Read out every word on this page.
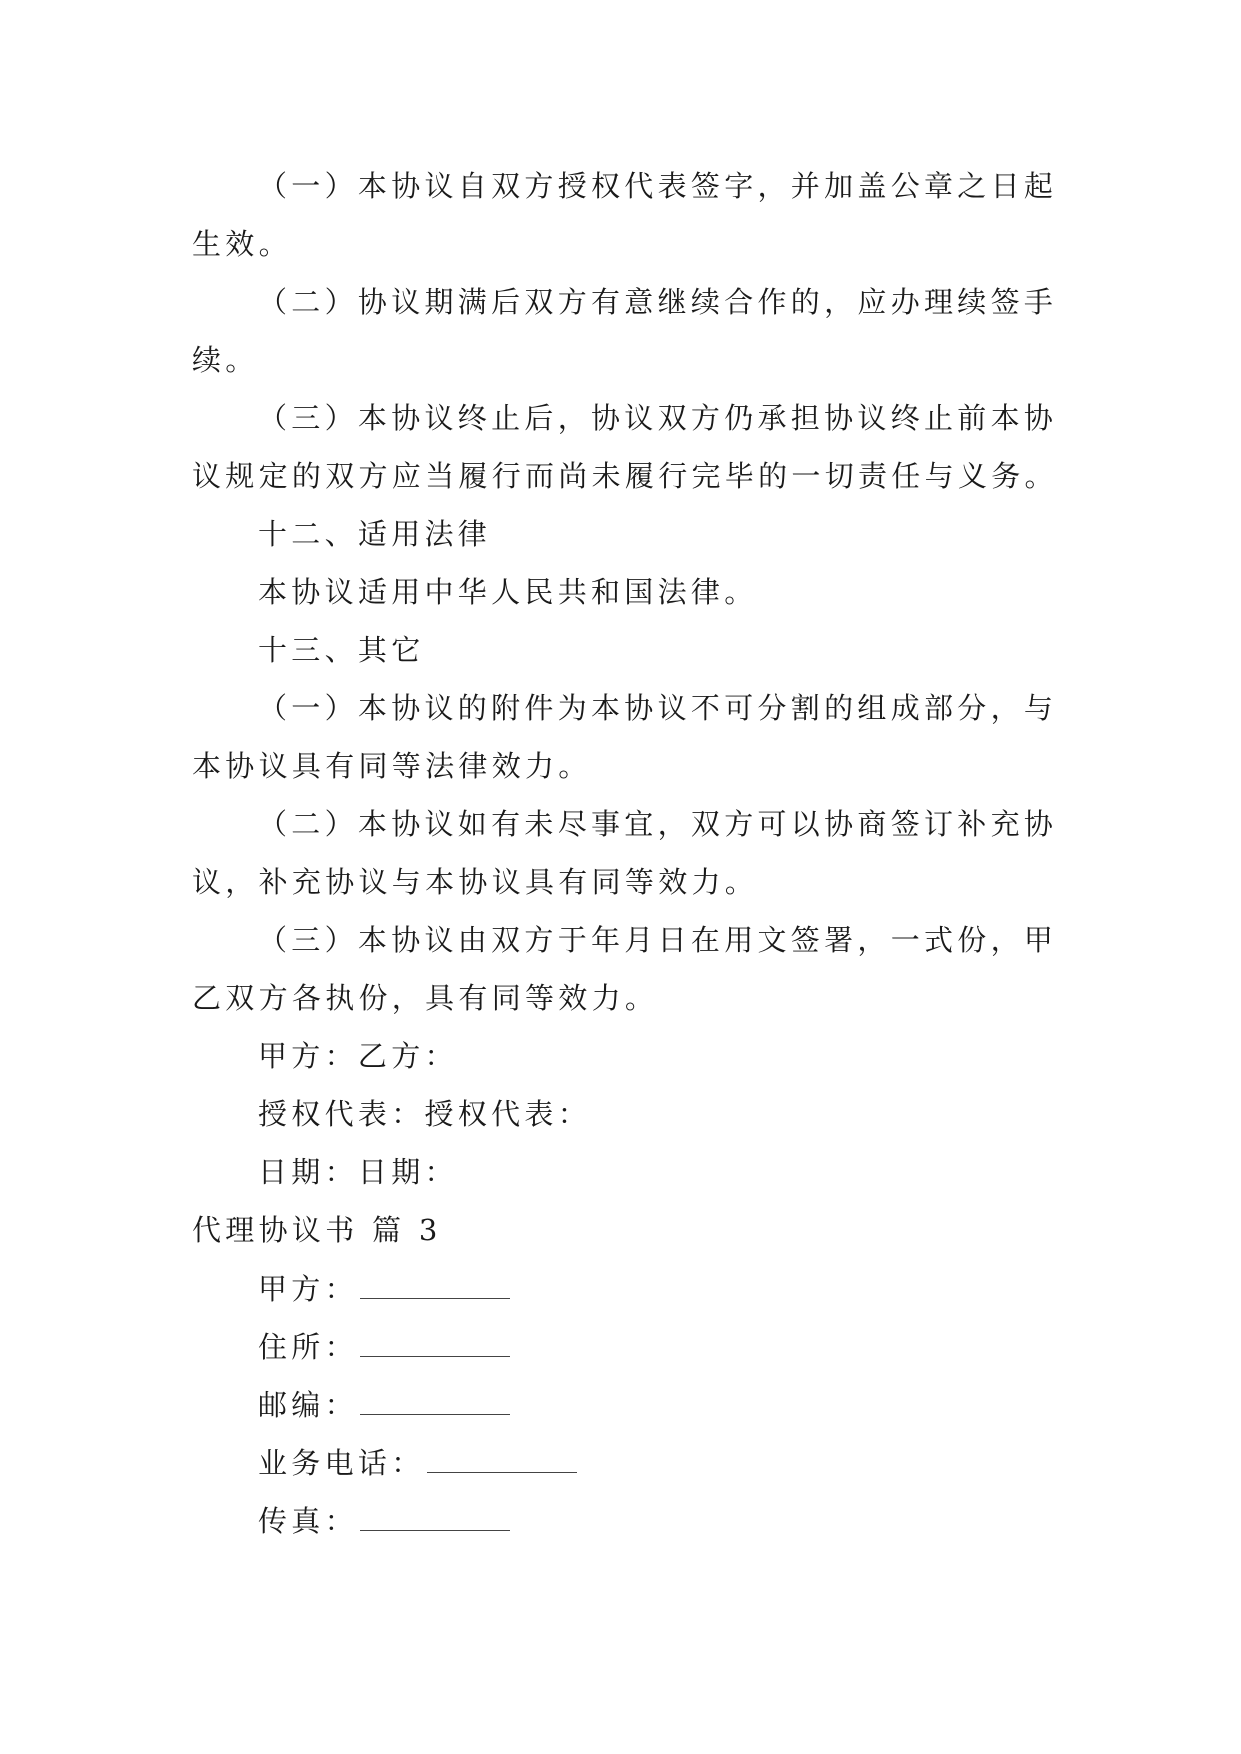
（一）本协议自双方授权代表签字，并加盖公章之日起
生效。
（二）协议期满后双方有意继续合作的，应办理续签手
续。
（三）本协议终止后，协议双方仍承担协议终止前本协
议规定的双方应当履行而尚未履行完毕的一切责任与义务。
十二、适用法律
本协议适用中华人民共和国法律。
十三、其它
（一）本协议的附件为本协议不可分割的组成部分，与
本协议具有同等法律效力。
（二）本协议如有未尽事宜，双方可以协商签订补充协
议，补充协议与本协议具有同等效力。
（三）本协议由双方于年月日在用文签署，一式份，甲
乙双方各执份，具有同等效力。
甲方：乙方：
授权代表：授权代表：
日期：日期：
代理协议书 篇 3
甲方：
住所：
邮编：
业务电话：
传真：
